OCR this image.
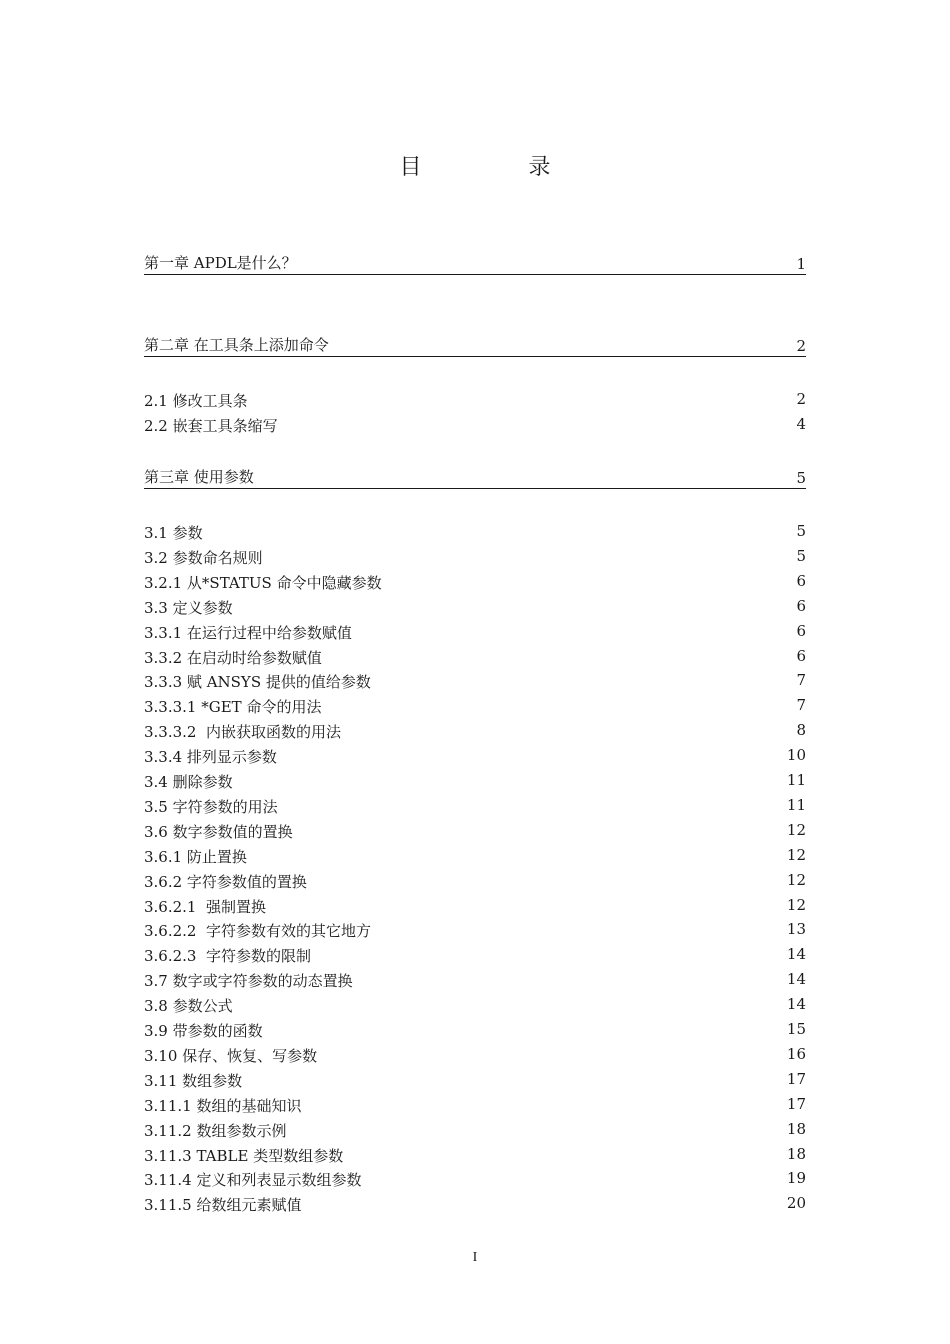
目 录
第一章 APDL是什么？	1
第二章 在工具条上添加命令	2
2.1 修改工具条	2
2.2 嵌套工具条缩写	4
第三章 使用参数	5
3.1 参数	5
3.2 参数命名规则	5
3.2.1 从*STATUS 命令中隐藏参数	6
3.3 定义参数	6
3.3.1 在运行过程中给参数赋值	6
3.3.2 在启动时给参数赋值	6
3.3.3 赋 ANSYS 提供的值给参数	7
3.3.3.1 *GET 命令的用法	7
3.3.3.2  内嵌获取函数的用法	8
3.3.4 排列显示参数	10
3.4 删除参数	11
3.5 字符参数的用法	11
3.6 数字参数值的置换	12
3.6.1 防止置换	12
3.6.2 字符参数值的置换	12
3.6.2.1  强制置换	12
3.6.2.2  字符参数有效的其它地方	13
3.6.2.3  字符参数的限制	14
3.7 数字或字符参数的动态置换	14
3.8 参数公式	14
3.9 带参数的函数	15
3.10 保存、恢复、写参数	16
3.11 数组参数	17
3.11.1 数组的基础知识	17
3.11.2 数组参数示例	18
3.11.3 TABLE 类型数组参数	18
3.11.4 定义和列表显示数组参数	19
3.11.5 给数组元素赋值	20
I
